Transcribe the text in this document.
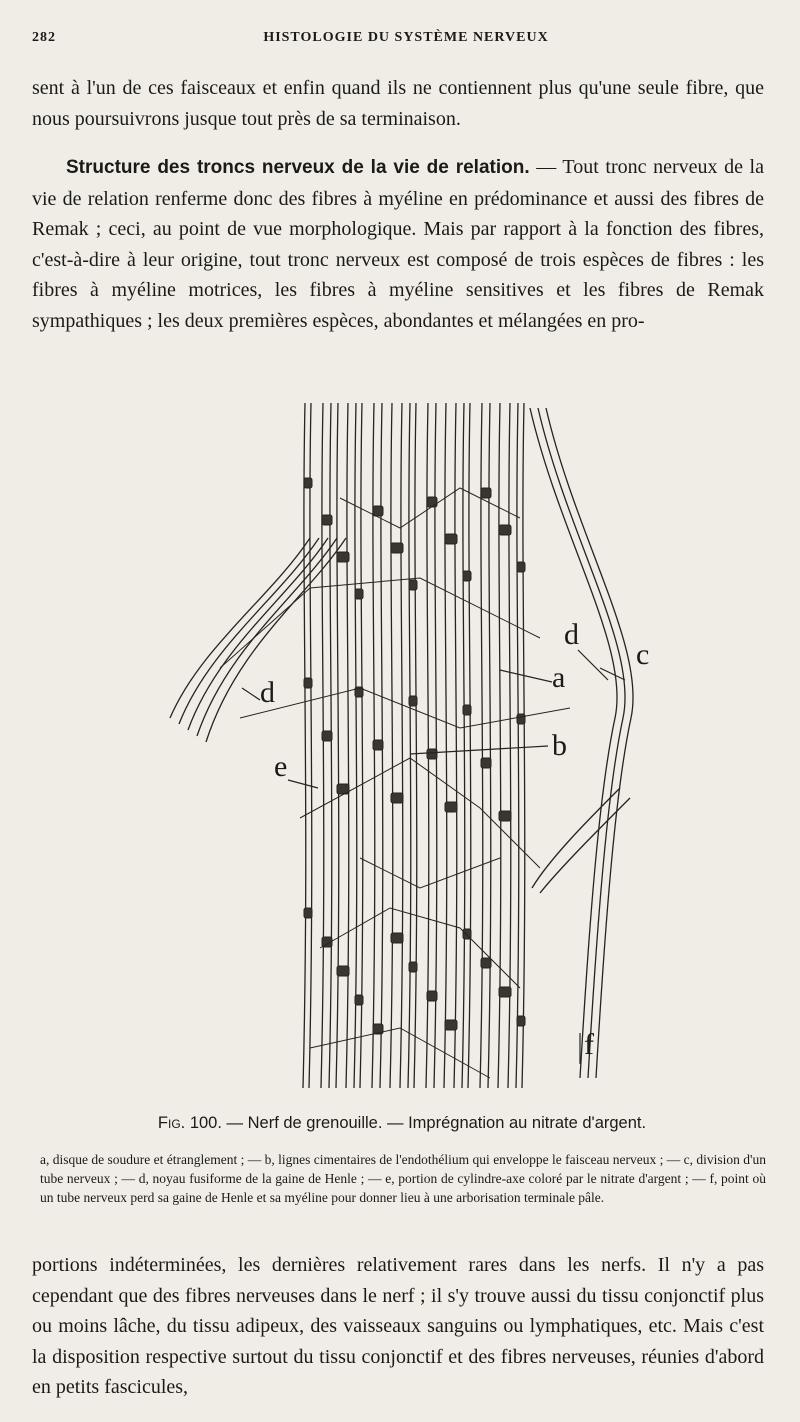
282	HISTOLOGIE DU SYSTÈME NERVEUX
sent à l'un de ces faisceaux et enfin quand ils ne contiennent plus qu'une seule fibre, que nous poursuivrons jusque tout près de sa terminaison.
Structure des troncs nerveux de la vie de relation. — Tout tronc nerveux de la vie de relation renferme donc des fibres à myéline en prédominance et aussi des fibres de Remak ; ceci, au point de vue morphologique. Mais par rapport à la fonction des fibres, c'est-à-dire à leur origine, tout tronc nerveux est composé de trois espèces de fibres : les fibres à myéline motrices, les fibres à myéline sensitives et les fibres de Remak sympathiques ; les deux premières espèces, abondantes et mélangées en pro-
a
b
c
d
d
e
f
Fig. 100. — Nerf de grenouille. — Imprégnation au nitrate d'argent.

a, disque de soudure et étranglement ; — b, lignes cimentaires de l'endothélium qui enveloppe le faisceau nerveux ; — c, division d'un tube nerveux ; — d, noyau fusiforme de la gaine de Henle ; — e, portion de cylindre-axe coloré par le nitrate d'argent ; — f, point où un tube nerveux perd sa gaine de Henle et sa myéline pour donner lieu à une arborisation terminale pâle.

portions indéterminées, les dernières relativement rares dans les nerfs. Il n'y a pas cependant que des fibres nerveuses dans le nerf ; il s'y trouve aussi du tissu conjonctif plus ou moins lâche, du tissu adipeux, des vaisseaux sanguins ou lymphatiques, etc. Mais c'est la disposition respective surtout du tissu conjonctif et des fibres nerveuses, réunies d'abord en petits fascicules,
